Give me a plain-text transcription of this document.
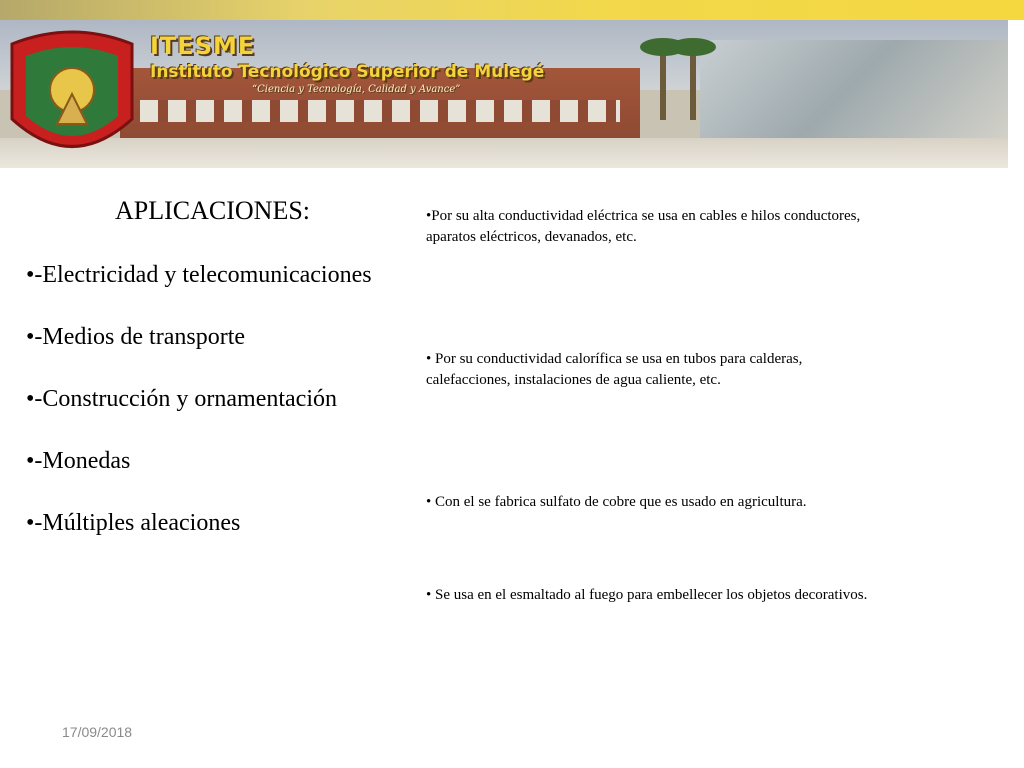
ITESME

Instituto Tecnológico Superior de Mulegé

“Ciencia y Tecnología, Calidad y Avance”

APLICACIONES:
•-Electricidad y telecomunicaciones
•-Medios de transporte
•-Construcción y ornamentación
•-Monedas
•-Múltiples aleaciones

•Por su alta conductividad eléctrica se usa en cables e hilos conductores, aparatos eléctricos, devanados, etc.

• Por su conductividad calorífica se usa en tubos para calderas, calefacciones, instalaciones de agua caliente, etc.

• Con el se fabrica sulfato de cobre que es usado en agricultura.

• Se usa en el esmaltado al fuego para embellecer los objetos decorativos.

17/09/2018
